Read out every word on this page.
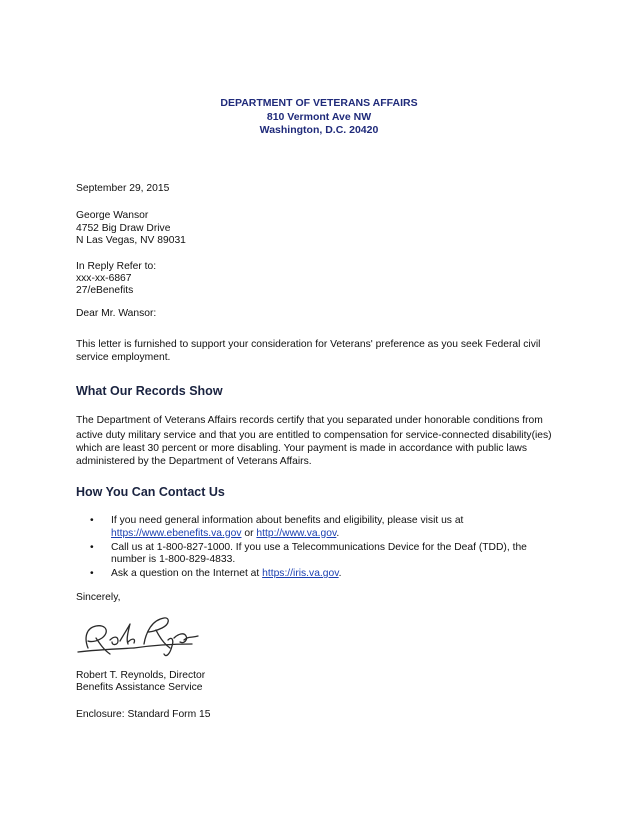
DEPARTMENT OF VETERANS AFFAIRS
810 Vermont Ave NW
Washington, D.C. 20420
September 29, 2015
George Wansor
4752 Big Draw Drive
N Las Vegas, NV 89031
In Reply Refer to:
xxx-xx-6867
27/eBenefits
Dear Mr. Wansor:
This letter is furnished to support your consideration for Veterans' preference as you seek Federal civil
service employment.
What Our Records Show
The Department of Veterans Affairs records certify that you separated under honorable conditions from
active duty military service and that you are entitled to compensation for service-connected disability(ies)
which are least 30 percent or more disabling. Your payment is made in accordance with public laws
administered by the Department of Veterans Affairs.
How You Can Contact Us
• If you need general information about benefits and eligibility, please visit us at
https://www.ebenefits.va.gov or http://www.va.gov.
• Call us at 1-800-827-1000. If you use a Telecommunications Device for the Deaf (TDD), the
number is 1-800-829-4833.
• Ask a question on the Internet at https://iris.va.gov.
Sincerely,
Robert T. Reynolds, Director
Benefits Assistance Service
Enclosure: Standard Form 15
